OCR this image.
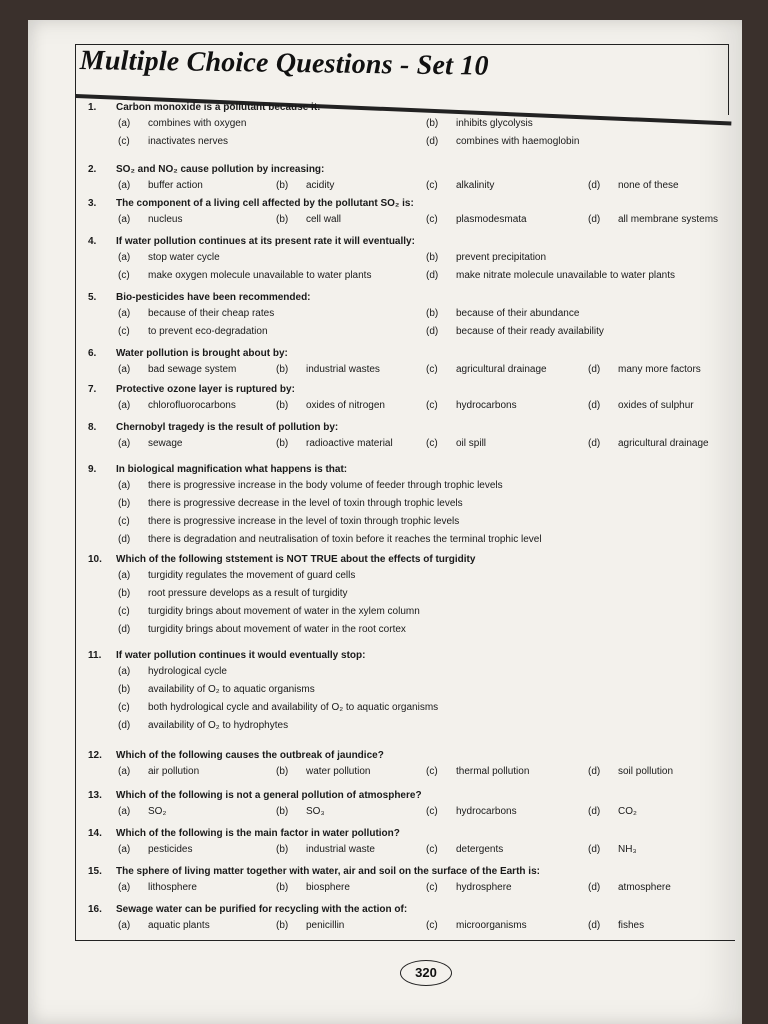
Multiple Choice Questions - Set 10
1. Carbon monoxide is a pollutant because it:
(a) combines with oxygen	(b) inhibits glycolysis
(c) inactivates nerves	(d) combines with haemoglobin
2. SO₂ and NO₂ cause pollution by increasing:
(a) buffer action	(b) acidity	(c) alkalinity	(d) none of these
3. The component of a living cell affected by the pollutant SO₂ is:
(a) nucleus	(b) cell wall	(c) plasmodesmata	(d) all membrane systems
4. If water pollution continues at its present rate it will eventually:
(a) stop water cycle	(b) prevent precipitation
(c) make oxygen molecule unavailable to water plants	(d) make nitrate molecule unavailable to water plants
5. Bio-pesticides have been recommended:
(a) because of their cheap rates	(b) because of their abundance
(c) to prevent eco-degradation	(d) because of their ready availability
6. Water pollution is brought about by:
(a) bad sewage system	(b) industrial wastes	(c) agricultural drainage	(d) many more factors
7. Protective ozone layer is ruptured by:
(a) chlorofluorocarbons	(b) oxides of nitrogen	(c) hydrocarbons	(d) oxides of sulphur
8. Chernobyl tragedy is the result of pollution by:
(a) sewage	(b) radioactive material	(c) oil spill	(d) agricultural drainage
9. In biological magnification what happens is that:
(a) there is progressive increase in the body volume of feeder through trophic levels
(b) there is progressive decrease in the level of toxin through trophic levels
(c) there is progressive increase in the level of toxin through trophic levels
(d) there is degradation and neutralisation of toxin before it reaches the terminal trophic level
10. Which of the following ststement is NOT TRUE about the effects of turgidity
(a) turgidity regulates the movement of guard cells
(b) root pressure develops as a result of turgidity
(c) turgidity brings about movement of water in the xylem column
(d) turgidity brings about movement of water in the root cortex
11. If water pollution continues it would eventually stop:
(a) hydrological cycle
(b) availability of O₂ to aquatic organisms
(c) both hydrological cycle and availability of O₂ to aquatic organisms
(d) availability of O₂ to hydrophytes
12. Which of the following causes the outbreak of jaundice?
(a) air pollution	(b) water pollution	(c) thermal pollution	(d) soil pollution
13. Which of the following is not a general pollution of atmosphere?
(a) SO₂	(b) SO₃	(c) hydrocarbons	(d) CO₂
14. Which of the following is the main factor in water pollution?
(a) pesticides	(b) industrial waste	(c) detergents	(d) NH₃
15. The sphere of living matter together with water, air and soil on the surface of the Earth is:
(a) lithosphere	(b) biosphere	(c) hydrosphere	(d) atmosphere
16. Sewage water can be purified for recycling with the action of:
(a) aquatic plants	(b) penicillin	(c) microorganisms	(d) fishes
320
